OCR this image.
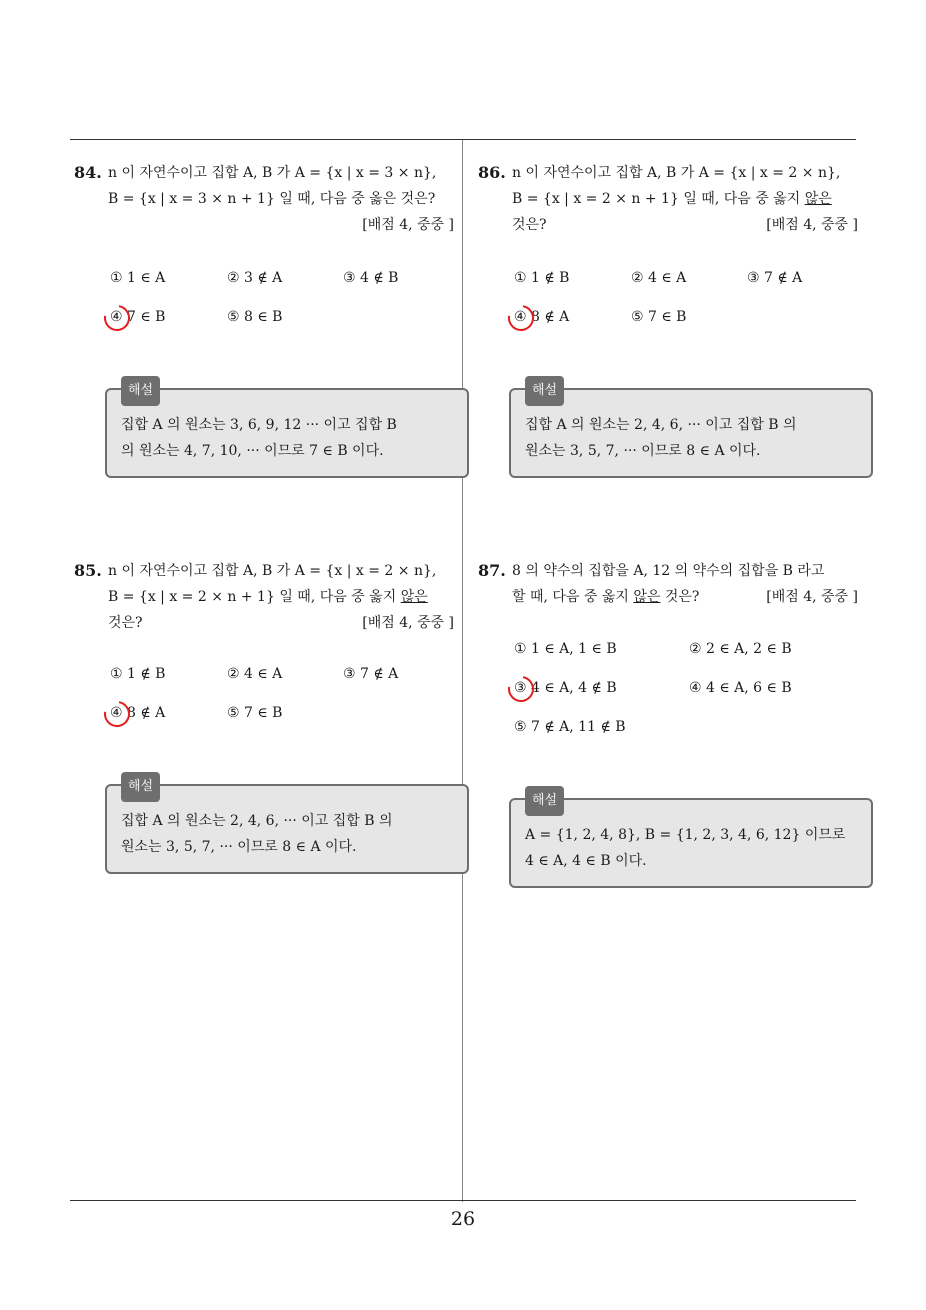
84. n 이 자연수이고 집합 A, B 가 A = {x | x = 3 × n},
B = {x | x = 3 × n + 1} 일 때, 다음 중 옳은 것은?
[배점 4, 중중 ]
① 1 ∈ A	② 3 ∉ A	③ 4 ∉ B
④ 7 ∈ B	⑤ 8 ∈ B
해설
집합 A 의 원소는 3, 6, 9, 12 ··· 이고 집합 B
의 원소는 4, 7, 10, ··· 이므로 7 ∈ B 이다.
86. n 이 자연수이고 집합 A, B 가 A = {x | x = 2 × n},
B = {x | x = 2 × n + 1} 일 때, 다음 중 옳지 않은
것은?	[배점 4, 중중 ]
① 1 ∉ B	② 4 ∈ A	③ 7 ∉ A
④ 8 ∉ A	⑤ 7 ∈ B
해설
집합 A 의 원소는 2, 4, 6, ··· 이고 집합 B 의
원소는 3, 5, 7, ··· 이므로 8 ∈ A 이다.
85. n 이 자연수이고 집합 A, B 가 A = {x | x = 2 × n},
B = {x | x = 2 × n + 1} 일 때, 다음 중 옳지 않은
것은?	[배점 4, 중중 ]
① 1 ∉ B	② 4 ∈ A	③ 7 ∉ A
④ 8 ∉ A	⑤ 7 ∈ B
해설
집합 A 의 원소는 2, 4, 6, ··· 이고 집합 B 의
원소는 3, 5, 7, ··· 이므로 8 ∈ A 이다.
87. 8 의 약수의 집합을 A, 12 의 약수의 집합을 B 라고
할 때, 다음 중 옳지 않은 것은?	[배점 4, 중중 ]
① 1 ∈ A, 1 ∈ B	② 2 ∈ A, 2 ∈ B
③ 4 ∈ A, 4 ∉ B	④ 4 ∈ A, 6 ∈ B
⑤ 7 ∉ A, 11 ∉ B
해설
A = {1, 2, 4, 8}, B = {1, 2, 3, 4, 6, 12} 이므로
4 ∈ A, 4 ∈ B 이다.
26
